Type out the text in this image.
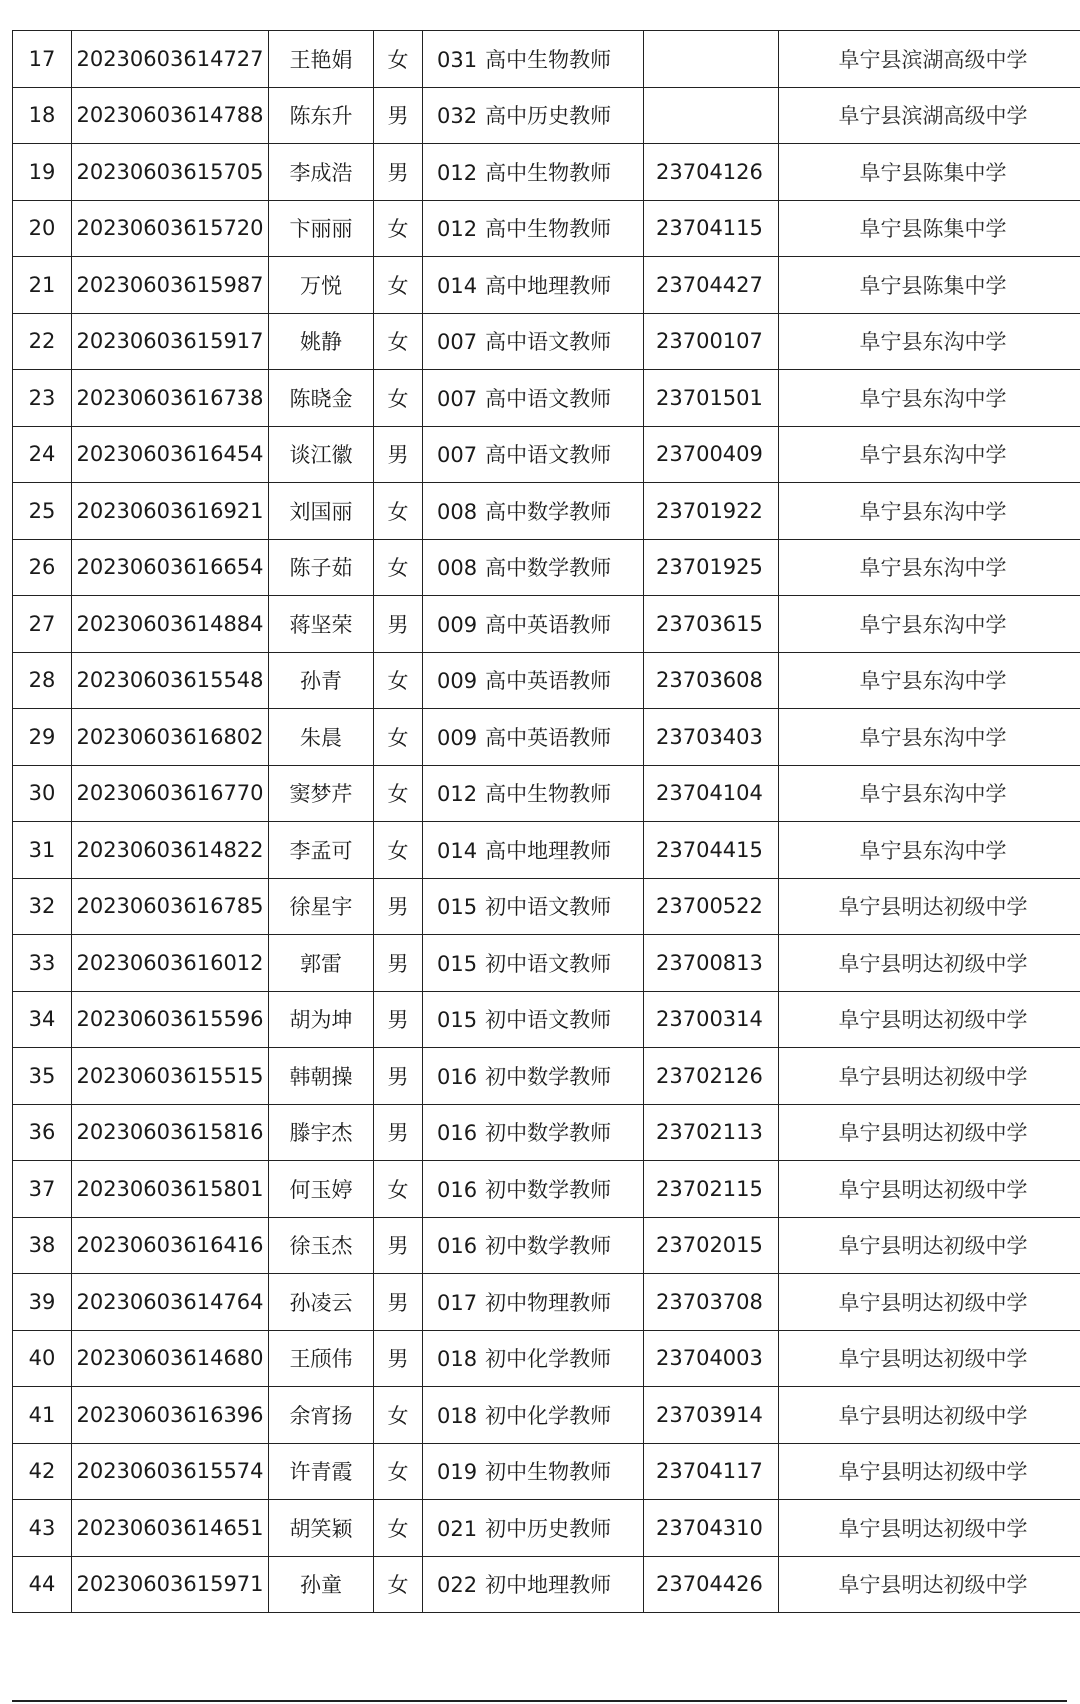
17	20230603614727	王艳娟	女	031 高中生物教师		阜宁县滨湖高级中学
18	20230603614788	陈东升	男	032 高中历史教师		阜宁县滨湖高级中学
19	20230603615705	李成浩	男	012 高中生物教师	23704126	阜宁县陈集中学
20	20230603615720	卞丽丽	女	012 高中生物教师	23704115	阜宁县陈集中学
21	20230603615987	万悦	女	014 高中地理教师	23704427	阜宁县陈集中学
22	20230603615917	姚静	女	007 高中语文教师	23700107	阜宁县东沟中学
23	20230603616738	陈晓金	女	007 高中语文教师	23701501	阜宁县东沟中学
24	20230603616454	谈江徽	男	007 高中语文教师	23700409	阜宁县东沟中学
25	20230603616921	刘国丽	女	008 高中数学教师	23701922	阜宁县东沟中学
26	20230603616654	陈子茹	女	008 高中数学教师	23701925	阜宁县东沟中学
27	20230603614884	蒋坚荣	男	009 高中英语教师	23703615	阜宁县东沟中学
28	20230603615548	孙青	女	009 高中英语教师	23703608	阜宁县东沟中学
29	20230603616802	朱晨	女	009 高中英语教师	23703403	阜宁县东沟中学
30	20230603616770	窦梦芹	女	012 高中生物教师	23704104	阜宁县东沟中学
31	20230603614822	李孟可	女	014 高中地理教师	23704415	阜宁县东沟中学
32	20230603616785	徐星宇	男	015 初中语文教师	23700522	阜宁县明达初级中学
33	20230603616012	郭雷	男	015 初中语文教师	23700813	阜宁县明达初级中学
34	20230603615596	胡为坤	男	015 初中语文教师	23700314	阜宁县明达初级中学
35	20230603615515	韩朝操	男	016 初中数学教师	23702126	阜宁县明达初级中学
36	20230603615816	滕宇杰	男	016 初中数学教师	23702113	阜宁县明达初级中学
37	20230603615801	何玉婷	女	016 初中数学教师	23702115	阜宁县明达初级中学
38	20230603616416	徐玉杰	男	016 初中数学教师	23702015	阜宁县明达初级中学
39	20230603614764	孙凌云	男	017 初中物理教师	23703708	阜宁县明达初级中学
40	20230603614680	王颀伟	男	018 初中化学教师	23704003	阜宁县明达初级中学
41	20230603616396	余宵扬	女	018 初中化学教师	23703914	阜宁县明达初级中学
42	20230603615574	许青霞	女	019 初中生物教师	23704117	阜宁县明达初级中学
43	20230603614651	胡笑颖	女	021 初中历史教师	23704310	阜宁县明达初级中学
44	20230603615971	孙童	女	022 初中地理教师	23704426	阜宁县明达初级中学
